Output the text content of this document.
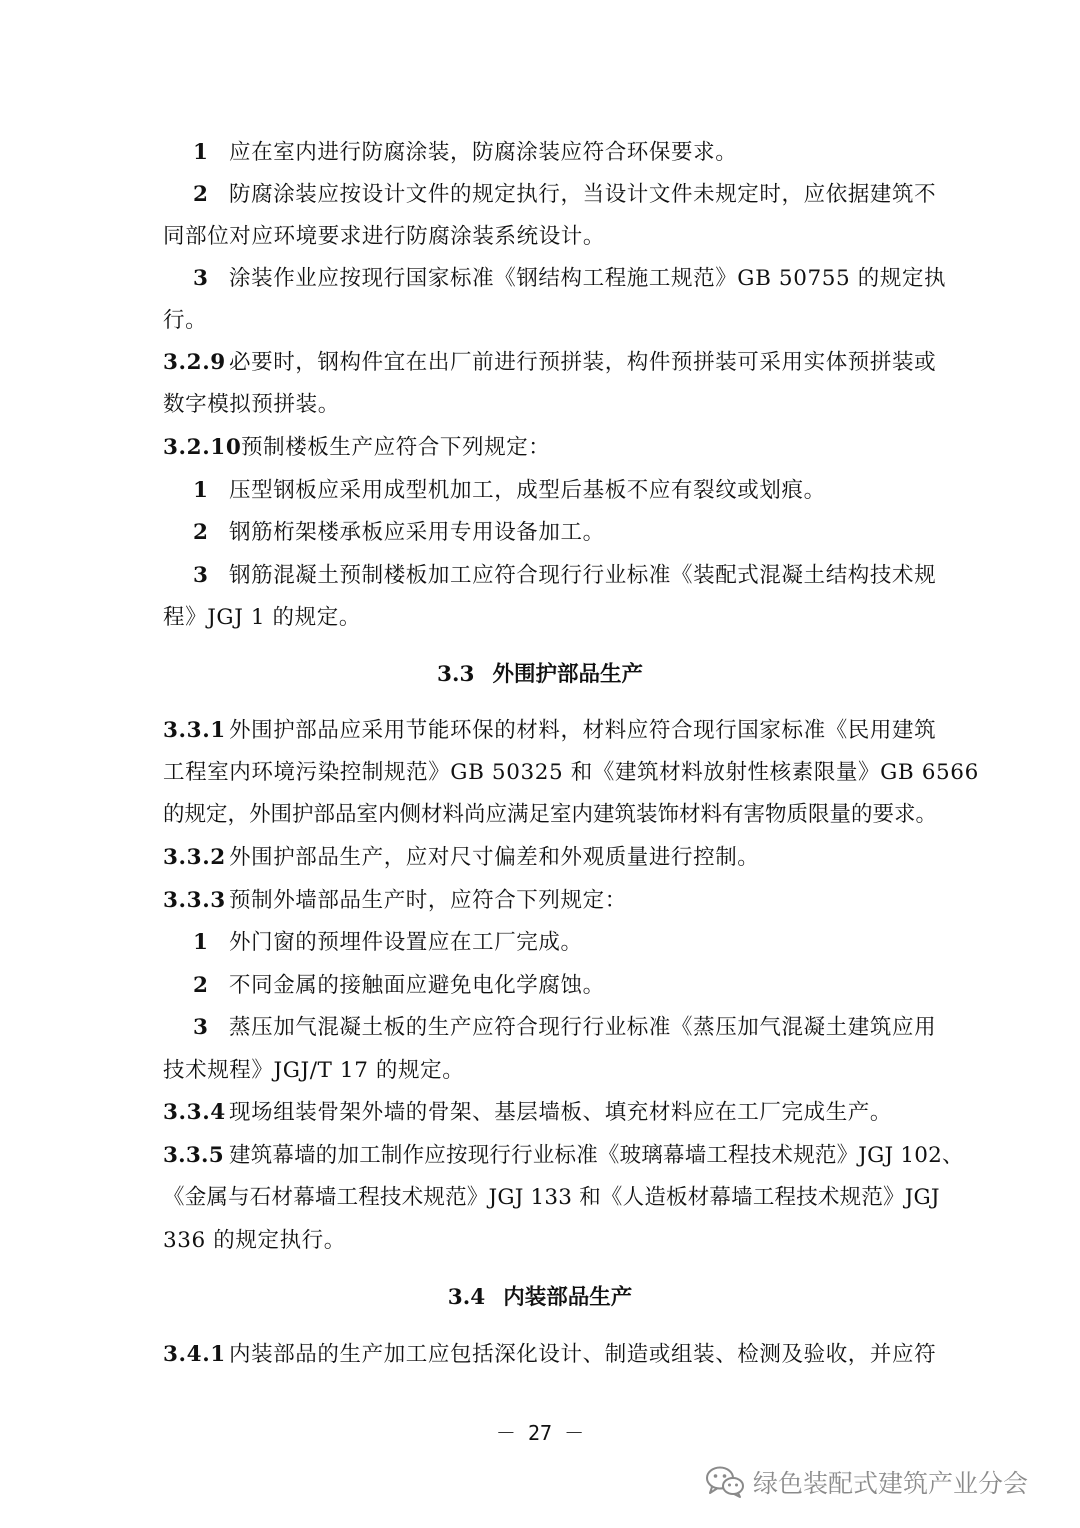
1 应在室内进行防腐涂装，防腐涂装应符合环保要求。
2 防腐涂装应按设计文件的规定执行，当设计文件未规定时，应依据建筑不
同部位对应环境要求进行防腐涂装系统设计。
3 涂装作业应按现行国家标准《钢结构工程施工规范》GB 50755 的规定执
行。
3.2.9 必要时，钢构件宜在出厂前进行预拼装，构件预拼装可采用实体预拼装或
数字模拟预拼装。
3.2.10预制楼板生产应符合下列规定：
1 压型钢板应采用成型机加工，成型后基板不应有裂纹或划痕。
2 钢筋桁架楼承板应采用专用设备加工。
3 钢筋混凝土预制楼板加工应符合现行行业标准《装配式混凝土结构技术规
程》JGJ 1 的规定。
3.3 外围护部品生产
3.3.1 外围护部品应采用节能环保的材料，材料应符合现行国家标准《民用建筑
工程室内环境污染控制规范》GB 50325 和《建筑材料放射性核素限量》GB 6566
的规定，外围护部品室内侧材料尚应满足室内建筑装饰材料有害物质限量的要求。
3.3.2 外围护部品生产，应对尺寸偏差和外观质量进行控制。
3.3.3 预制外墙部品生产时，应符合下列规定：
1 外门窗的预埋件设置应在工厂完成。
2 不同金属的接触面应避免电化学腐蚀。
3 蒸压加气混凝土板的生产应符合现行行业标准《蒸压加气混凝土建筑应用
技术规程》JGJ/T 17 的规定。
3.3.4 现场组装骨架外墙的骨架、基层墙板、填充材料应在工厂完成生产。
3.3.5 建筑幕墙的加工制作应按现行行业标准《玻璃幕墙工程技术规范》JGJ 102、
《金属与石材幕墙工程技术规范》JGJ 133 和《人造板材幕墙工程技术规范》JGJ
336 的规定执行。
3.4 内装部品生产
3.4.1 内装部品的生产加工应包括深化设计、制造或组装、检测及验收，并应符
－ 27 －
绿色装配式建筑产业分会
